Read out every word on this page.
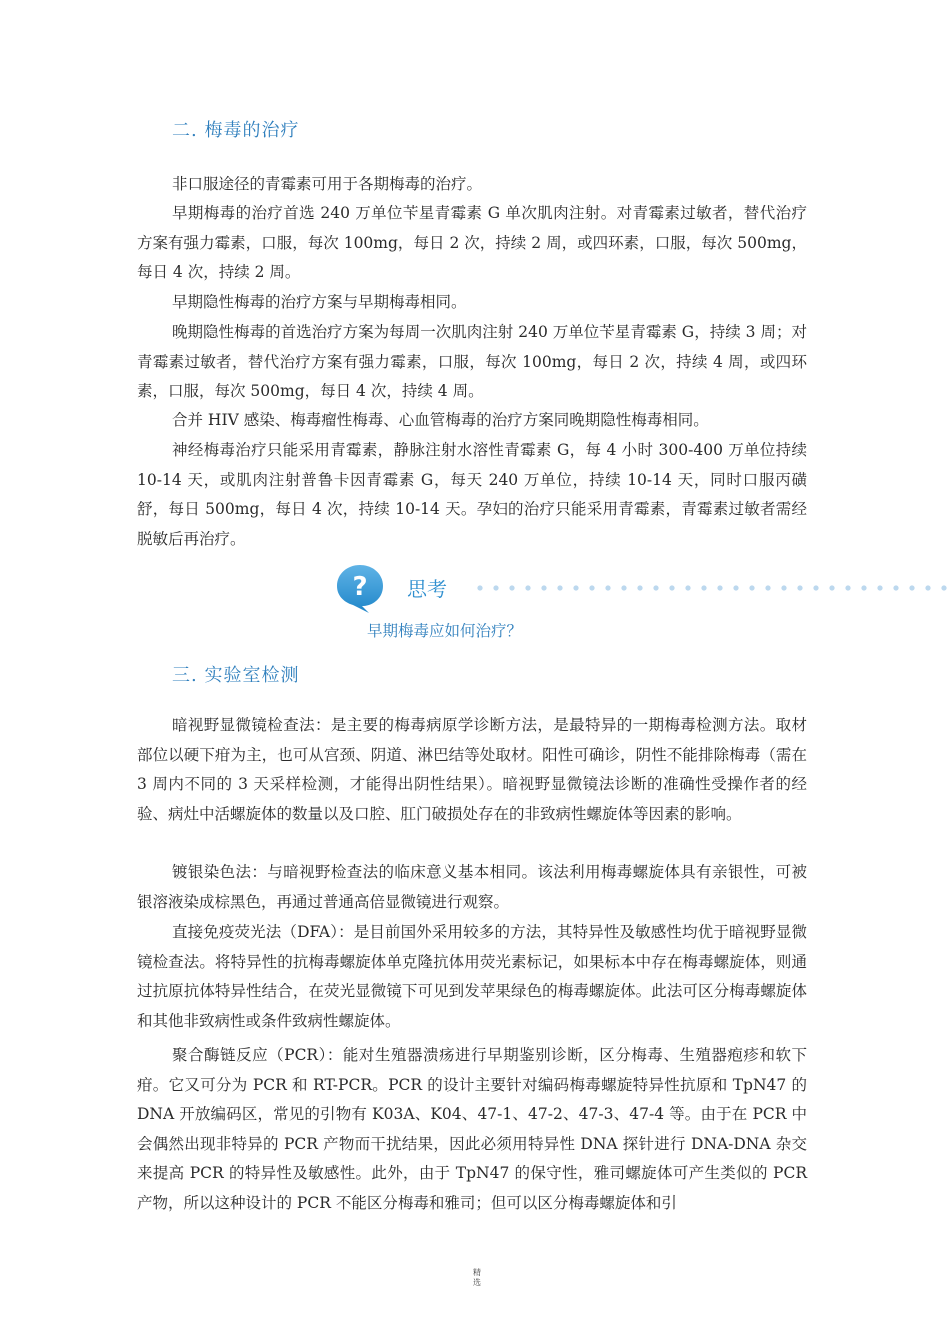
二. 梅毒的治疗

非口服途径的青霉素可用于各期梅毒的治疗。

早期梅毒的治疗首选 240 万单位苄星青霉素 G 单次肌肉注射。对青霉素过敏者，替代治疗方案有强力霉素，口服，每次 100mg，每日 2 次，持续 2 周，或四环素，口服，每次 500mg，每日 4 次，持续 2 周。

早期隐性梅毒的治疗方案与早期梅毒相同。

晚期隐性梅毒的首选治疗方案为每周一次肌肉注射 240 万单位苄星青霉素 G，持续 3 周；对青霉素过敏者，替代治疗方案有强力霉素，口服，每次 100mg，每日 2 次，持续 4 周，或四环素，口服，每次 500mg，每日 4 次，持续 4 周。

合并 HIV 感染、梅毒瘤性梅毒、心血管梅毒的治疗方案同晚期隐性梅毒相同。

神经梅毒治疗只能采用青霉素，静脉注射水溶性青霉素 G，每 4 小时 300-400 万单位持续 10-14 天，或肌肉注射普鲁卡因青霉素 G，每天 240 万单位，持续 10-14 天，同时口服丙磺舒，每日 500mg，每日 4 次，持续 10-14 天。孕妇的治疗只能采用青霉素，青霉素过敏者需经脱敏后再治疗。

? 思考
早期梅毒应如何治疗？
三. 实验室检测

暗视野显微镜检查法：是主要的梅毒病原学诊断方法，是最特异的一期梅毒检测方法。取材部位以硬下疳为主，也可从宫颈、阴道、淋巴结等处取材。阳性可确诊，阴性不能排除梅毒（需在 3 周内不同的 3 天采样检测，才能得出阴性结果）。暗视野显微镜法诊断的准确性受操作者的经验、病灶中活螺旋体的数量以及口腔、肛门破损处存在的非致病性螺旋体等因素的影响。

镀银染色法：与暗视野检查法的临床意义基本相同。该法利用梅毒螺旋体具有亲银性，可被银溶液染成棕黑色，再通过普通高倍显微镜进行观察。

直接免疫荧光法（DFA）：是目前国外采用较多的方法，其特异性及敏感性均优于暗视野显微镜检查法。将特异性的抗梅毒螺旋体单克隆抗体用荧光素标记，如果标本中存在梅毒螺旋体，则通过抗原抗体特异性结合，在荧光显微镜下可见到发苹果绿色的梅毒螺旋体。此法可区分梅毒螺旋体和其他非致病性或条件致病性螺旋体。

聚合酶链反应（PCR）：能对生殖器溃疡进行早期鉴别诊断，区分梅毒、生殖器疱疹和软下疳。它又可分为 PCR 和 RT-PCR。PCR 的设计主要针对编码梅毒螺旋特异性抗原和 TpN47 的 DNA 开放编码区，常见的引物有 K03A、K04、47-1、47-2、47-3、47-4 等。由于在 PCR 中会偶然出现非特异的 PCR 产物而干扰结果，因此必须用特异性 DNA 探针进行 DNA-DNA 杂交来提高 PCR 的特异性及敏感性。此外，由于 TpN47 的保守性，雅司螺旋体可产生类似的 PCR 产物，所以这种设计的 PCR 不能区分梅毒和雅司；但可以区分梅毒螺旋体和引

精
选
